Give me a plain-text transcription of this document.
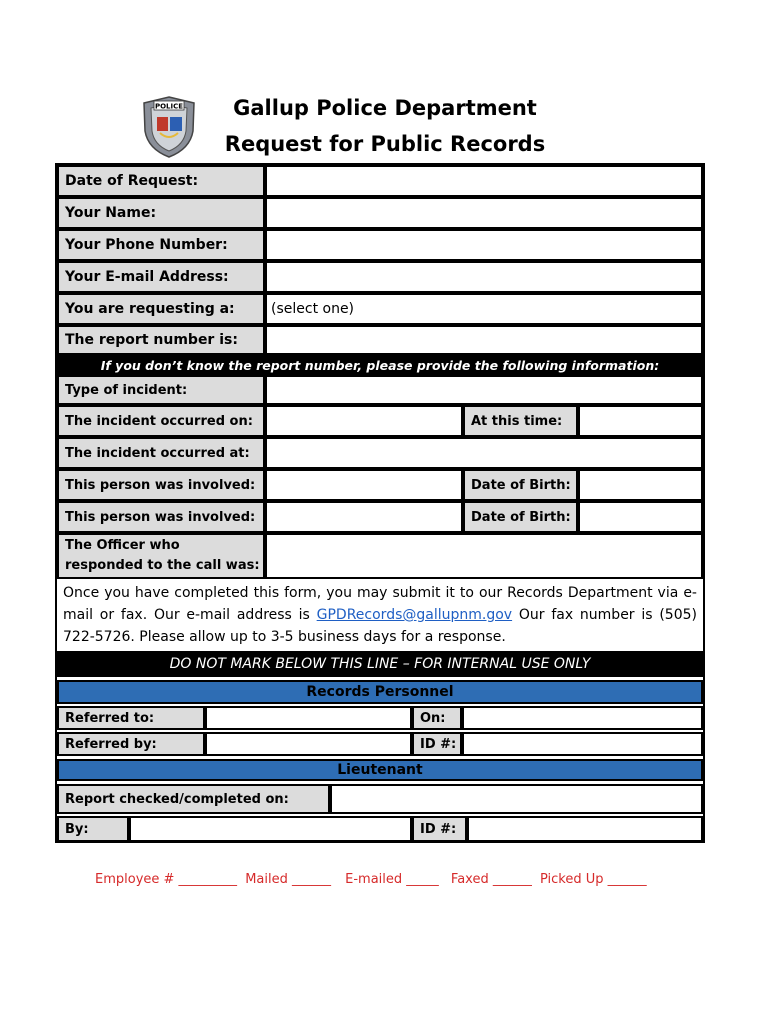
POLICE	Gallup Police Department
Request for Public Records
Date of Request:
Your Name:
Your Phone Number:
Your E-mail Address:
You are requesting a:	(select one)
The report number is:
If you don’t know the report number, please provide the following information:
Type of incident:
The incident occurred on:	At this time:
The incident occurred at:
This person was involved:	Date of Birth:
This person was involved:	Date of Birth:
The Officer who
responded to the call was:
Once you have completed this form, you may submit it to our Records Department via e-mail or fax. Our e-mail address is GPDRecords@gallupnm.gov Our fax number is (505) 722-5726. Please allow up to 3-5 business days for a response.
DO NOT MARK BELOW THIS LINE – FOR INTERNAL USE ONLY
Records Personnel
Referred to:	On:
Referred by:	ID #:
Lieutenant
Report checked/completed on:
By:	ID #:
Employee # _________ Mailed ______ E-mailed _____ Faxed ______ Picked Up ______
